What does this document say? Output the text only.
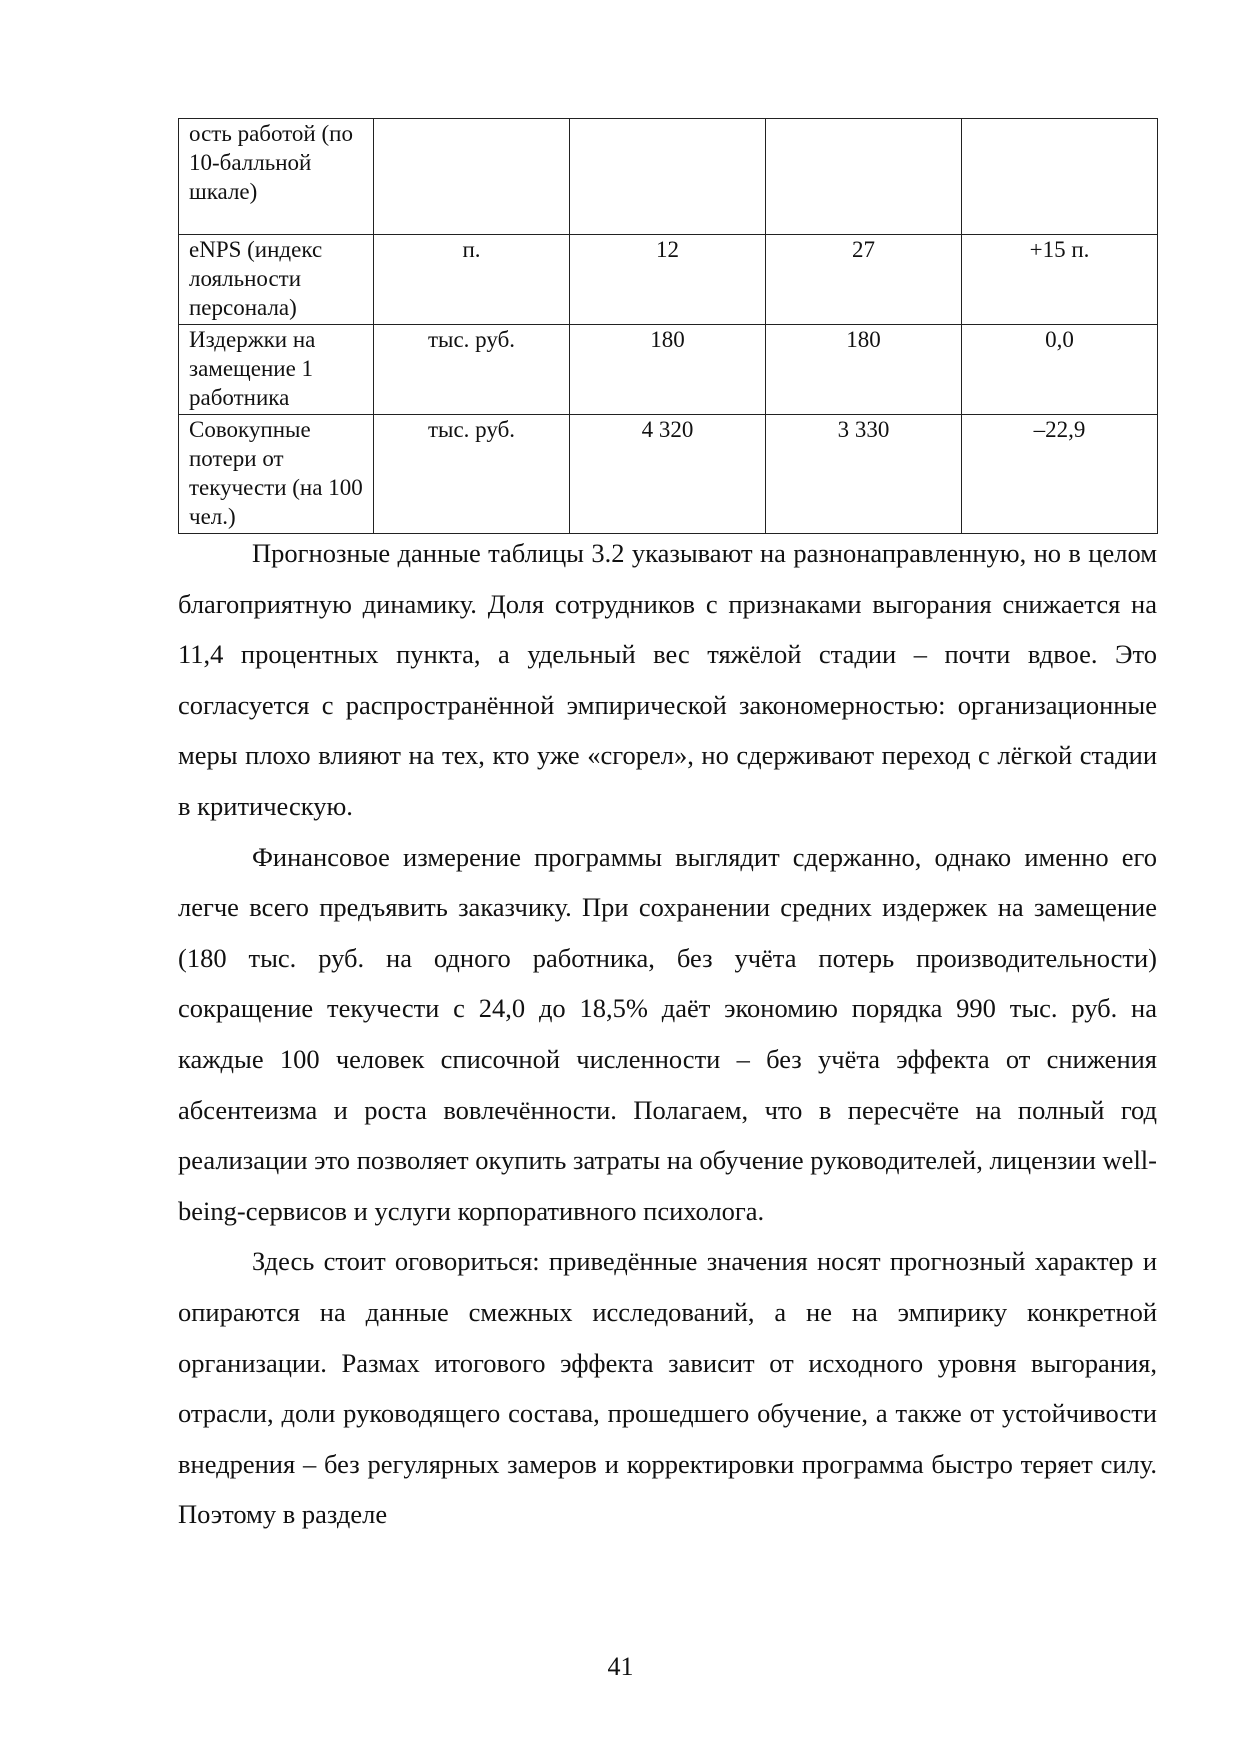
ость работой (по 10-балльной шкале)				
eNPS (индекс лояльности персонала)	п.	12	27	+15 п.
Издержки на замещение 1 работника	тыс. руб.	180	180	0,0
Совокупные потери от текучести (на 100 чел.)	тыс. руб.	4 320	3 330	–22,9

Прогнозные данные таблицы 3.2 указывают на разнонаправленную, но в целом благоприятную динамику. Доля сотрудников с признаками выгорания снижается на 11,4 процентных пункта, а удельный вес тяжёлой стадии – почти вдвое. Это согласуется с распространённой эмпирической закономерностью: организационные меры плохо влияют на тех, кто уже «сгорел», но сдерживают переход с лёгкой стадии в критическую.

Финансовое измерение программы выглядит сдержанно, однако именно его легче всего предъявить заказчику. При сохранении средних издержек на замещение (180 тыс. руб. на одного работника, без учёта потерь производительности) сокращение текучести с 24,0 до 18,5% даёт экономию порядка 990 тыс. руб. на каждые 100 человек списочной численности – без учёта эффекта от снижения абсентеизма и роста вовлечённости. Полагаем, что в пересчёте на полный год реализации это позволяет окупить затраты на обучение руководителей, лицензии well-being-сервисов и услуги корпоративного психолога.

Здесь стоит оговориться: приведённые значения носят прогнозный характер и опираются на данные смежных исследований, а не на эмпирику конкретной организации. Размах итогового эффекта зависит от исходного уровня выгорания, отрасли, доли руководящего состава, прошедшего обучение, а также от устойчивости внедрения – без регулярных замеров и корректировки программа быстро теряет силу. Поэтому в разделе

41
